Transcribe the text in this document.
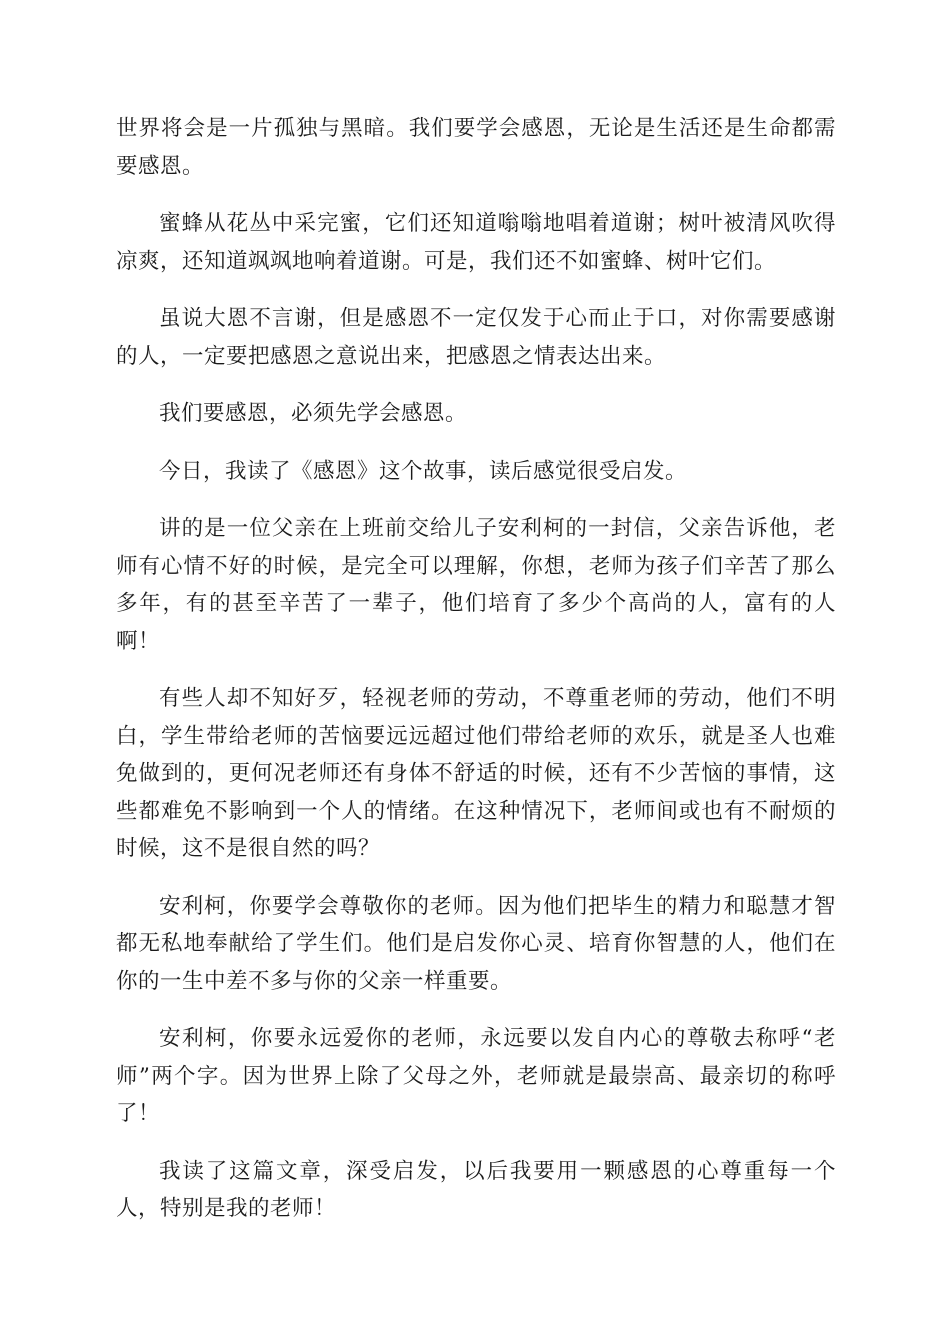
世界将会是一片孤独与黑暗。我们要学会感恩，无论是生活还是生命都需要感恩。

蜜蜂从花丛中采完蜜，它们还知道嗡嗡地唱着道谢；树叶被清风吹得凉爽，还知道飒飒地响着道谢。可是，我们还不如蜜蜂、树叶它们。

虽说大恩不言谢，但是感恩不一定仅发于心而止于口，对你需要感谢的人，一定要把感恩之意说出来，把感恩之情表达出来。

我们要感恩，必须先学会感恩。

今日，我读了《感恩》这个故事，读后感觉很受启发。

讲的是一位父亲在上班前交给儿子安利柯的一封信，父亲告诉他，老师有心情不好的时候，是完全可以理解，你想，老师为孩子们辛苦了那么多年，有的甚至辛苦了一辈子，他们培育了多少个高尚的人，富有的人啊！

有些人却不知好歹，轻视老师的劳动，不尊重老师的劳动，他们不明白，学生带给老师的苦恼要远远超过他们带给老师的欢乐，就是圣人也难免做到的，更何况老师还有身体不舒适的时候，还有不少苦恼的事情，这些都难免不影响到一个人的情绪。在这种情况下，老师间或也有不耐烦的时候，这不是很自然的吗？

安利柯，你要学会尊敬你的老师。因为他们把毕生的精力和聪慧才智都无私地奉献给了学生们。他们是启发你心灵、培育你智慧的人，他们在你的一生中差不多与你的父亲一样重要。

安利柯，你要永远爱你的老师，永远要以发自内心的尊敬去称呼“老师”两个字。因为世界上除了父母之外，老师就是最崇高、最亲切的称呼了！

我读了这篇文章，深受启发，以后我要用一颗感恩的心尊重每一个人，特别是我的老师！
